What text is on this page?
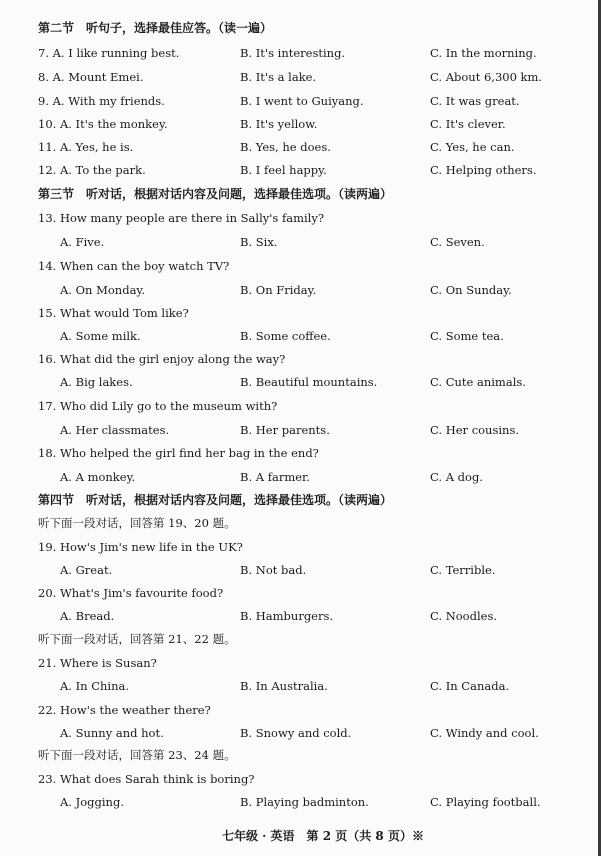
第二节　听句子，选择最佳应答。（读一遍）
7. A. I like running best.	B. It's interesting.	C. In the morning.
8. A. Mount Emei.	B. It's a lake.	C. About 6,300 km.
9. A. With my friends.	B. I went to Guiyang.	C. It was great.
10. A. It's the monkey.	B. It's yellow.	C. It's clever.
11. A. Yes, he is.	B. Yes, he does.	C. Yes, he can.
12. A. To the park.	B. I feel happy.	C. Helping others.
第三节　听对话，根据对话内容及问题，选择最佳选项。（读两遍）
13. How many people are there in Sally's family?
A. Five.	B. Six.	C. Seven.
14. When can the boy watch TV?
A. On Monday.	B. On Friday.	C. On Sunday.
15. What would Tom like?
A. Some milk.	B. Some coffee.	C. Some tea.
16. What did the girl enjoy along the way?
A. Big lakes.	B. Beautiful mountains.	C. Cute animals.
17. Who did Lily go to the museum with?
A. Her classmates.	B. Her parents.	C. Her cousins.
18. Who helped the girl find her bag in the end?
A. A monkey.	B. A farmer.	C. A dog.
第四节　听对话，根据对话内容及问题，选择最佳选项。（读两遍）
听下面一段对话，回答第 19、20 题。
19. How's Jim's new life in the UK?
A. Great.	B. Not bad.	C. Terrible.
20. What's Jim's favourite food?
A. Bread.	B. Hamburgers.	C. Noodles.
听下面一段对话，回答第 21、22 题。
21. Where is Susan?
A. In China.	B. In Australia.	C. In Canada.
22. How's the weather there?
A. Sunny and hot.	B. Snowy and cold.	C. Windy and cool.
听下面一段对话，回答第 23、24 题。
23. What does Sarah think is boring?
A. Jogging.	B. Playing badminton.	C. Playing football.
七年级 · 英语　第 2 页（共 8 页）※
